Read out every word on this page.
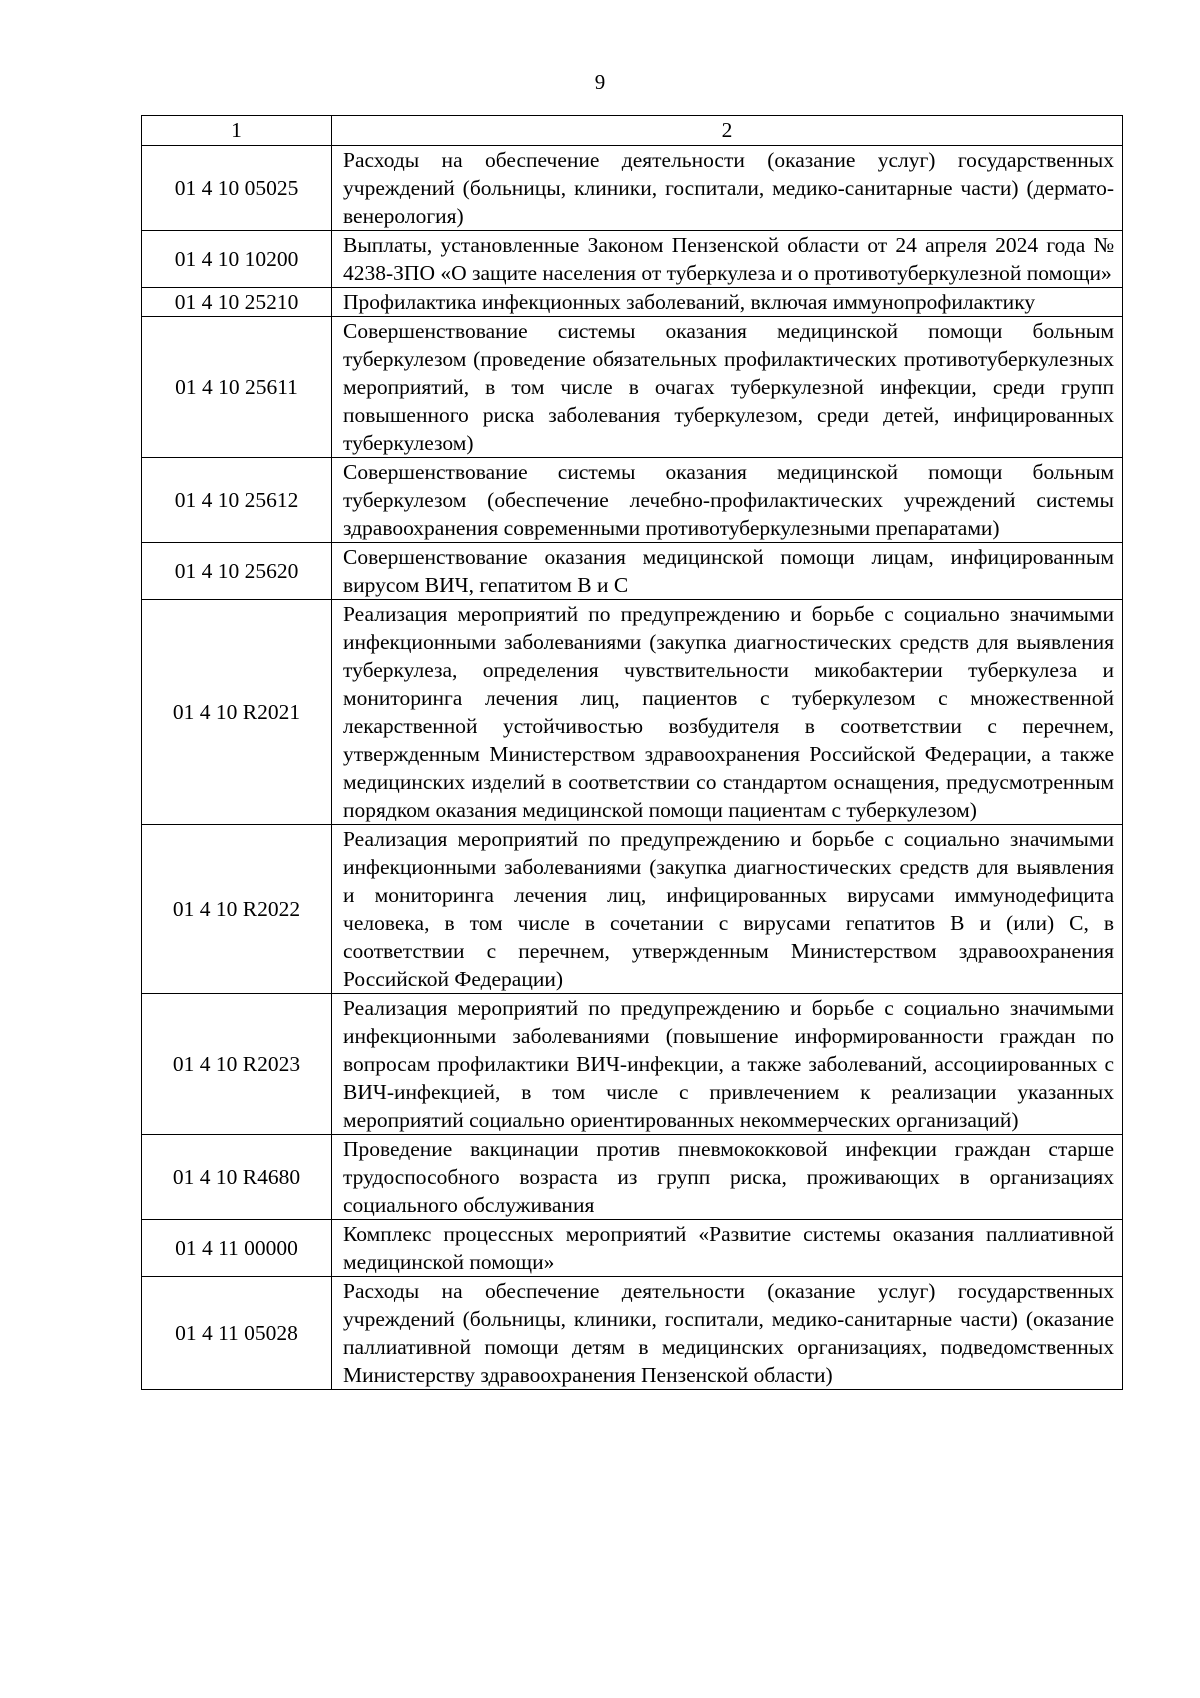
9
1	2
01 4 10 05025	Расходы на обеспечение деятельности (оказание услуг) государственных учреждений (больницы, клиники, госпитали, медико-санитарные части) (дермато-венерология)
01 4 10 10200	Выплаты, установленные Законом Пензенской области от 24 апреля 2024 года № 4238-ЗПО «О защите населения от туберкулеза и о противотуберкулезной помощи»
01 4 10 25210	Профилактика инфекционных заболеваний, включая иммунопрофилактику
01 4 10 25611	Совершенствование системы оказания медицинской помощи больным туберкулезом (проведение обязательных профилактических противотуберкулезных мероприятий, в том числе в очагах туберкулезной инфекции, среди групп повышенного риска заболевания туберкулезом, среди детей, инфицированных туберкулезом)
01 4 10 25612	Совершенствование системы оказания медицинской помощи больным туберкулезом (обеспечение лечебно-профилактических учреждений системы здравоохранения современными противотуберкулезными препаратами)
01 4 10 25620	Совершенствование оказания медицинской помощи лицам, инфицированным вирусом ВИЧ, гепатитом B и C
01 4 10 R2021	Реализация мероприятий по предупреждению и борьбе с социально значимыми инфекционными заболеваниями (закупка диагностических средств для выявления туберкулеза, определения чувствительности микобактерии туберкулеза и мониторинга лечения лиц, пациентов с туберкулезом с множественной лекарственной устойчивостью возбудителя в соответствии с перечнем, утвержденным Министерством здравоохранения Российской Федерации, а также медицинских изделий в соответствии со стандартом оснащения, предусмотренным порядком оказания медицинской помощи пациентам с туберкулезом)
01 4 10 R2022	Реализация мероприятий по предупреждению и борьбе с социально значимыми инфекционными заболеваниями (закупка диагностических средств для выявления и мониторинга лечения лиц, инфицированных вирусами иммунодефицита человека, в том числе в сочетании с вирусами гепатитов B и (или) C, в соответствии с перечнем, утвержденным Министерством здравоохранения Российской Федерации)
01 4 10 R2023	Реализация мероприятий по предупреждению и борьбе с социально значимыми инфекционными заболеваниями (повышение информированности граждан по вопросам профилактики ВИЧ-инфекции, а также заболеваний, ассоциированных с ВИЧ-инфекцией, в том числе с привлечением к реализации указанных мероприятий социально ориентированных некоммерческих организаций)
01 4 10 R4680	Проведение вакцинации против пневмококковой инфекции граждан старше трудоспособного возраста из групп риска, проживающих в организациях социального обслуживания
01 4 11 00000	Комплекс процессных мероприятий «Развитие системы оказания паллиативной медицинской помощи»
01 4 11 05028	Расходы на обеспечение деятельности (оказание услуг) государственных учреждений (больницы, клиники, госпитали, медико-санитарные части) (оказание паллиативной помощи детям в медицинских организациях, подведомственных Министерству здравоохранения Пензенской области)
